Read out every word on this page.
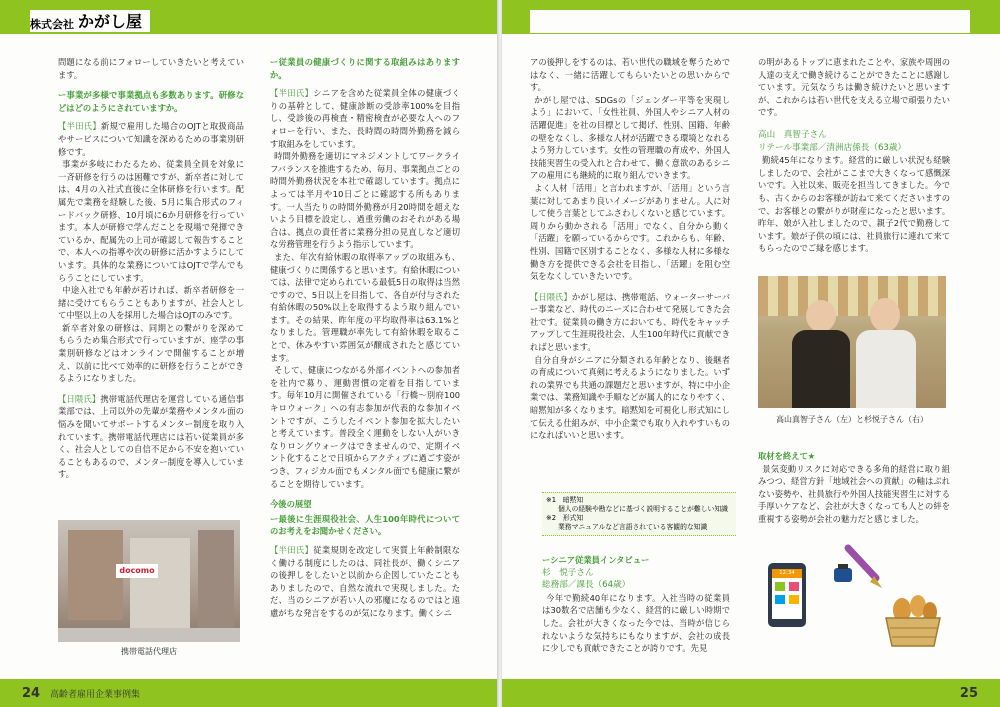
株式会社 かがし屋

問題になる前にフォローしていきたいと考えています。

ー事業が多様で事業拠点も多数あります。研修などはどのようにされていますか。

【半田氏】新規で雇用した場合のOJTと取扱商品やサービスについて知識を深めるための事業別研修です。

事業が多岐にわたるため、従業員全員を対象に一斉研修を行うのは困難ですが、新卒者に対しては、4月の入社式直後に全体研修を行います。配属先で業務を経験した後、5月に集合形式のフィードバック研修、10月頃に6か月研修を行っています。本人が研修で学んだことを現場で発揮できているか、配属先の上司が確認して報告することで、本人への指導や次の研修に活かすようにしています。具体的な業務についてはOJTで学んでもらうことにしています。

中途入社でも年齢が若ければ、新卒者研修を一緒に受けてもらうこともありますが、社会人として中堅以上の人を採用した場合はOJTのみです。

新卒者対象の研修は、同期との繋がりを深めてもらうため集合形式で行っていますが、座学の事業別研修などはオンラインで開催することが増え、以前に比べて効率的に研修を行うことができるようになりました。

【日隈氏】携帯電話代理店を運営している通信事業部では、上司以外の先輩が業務やメンタル面の悩みを聞いてサポートするメンター制度を取り入れています。携帯電話代理店には若い従業員が多く、社会人としての自信不足から不安を抱いていることもあるので、メンター制度を導入しています。

docomo
携帯電話代理店
ー従業員の健康づくりに関する取組みはありますか。

【半田氏】シニアを含めた従業員全体の健康づくりの基幹として、健康診断の受診率100%を目指し、受診後の再検査・精密検査が必要な人へのフォローを行い、また、長時間の時間外勤務を減らす取組みをしています。

時間外勤務を適切にマネジメントしてワークライフバランスを推進するため、毎月、事業拠点ごとの時間外勤務状況を本社で確認しています。拠点によっては半月や10日ごとに確認する所もあります。一人当たりの時間外勤務が月20時間を超えないよう目標を設定し、過重労働のおそれがある場合は、拠点の責任者に業務分担の見直しなど適切な労務管理を行うよう指示しています。

また、年次有給休暇の取得率アップの取組みも、健康づくりに関係すると思います。有給休暇については、法律で定められている最低5日の取得は当然ですので、5日以上を目指して、各自が付与された有給休暇の50%以上を取得するよう取り組んでいます。その結果、昨年度の平均取得率は63.1%となりました。管理職が率先して有給休暇を取ることで、休みやすい雰囲気が醸成されたと感じています。

そして、健康につながる外部イベントへの参加者を社内で募り、運動習慣の定着を目指しています。毎年10月に開催されている「行橋～別府100キロウォーク」への有志参加が代表的な参加イベントですが、こうしたイベント参加を拡大したいと考えています。普段全く運動をしない人がいきなりロングウォークはできませんので、定期イベント化することで日頃からアクティブに過ごす姿がつき、フィジカル面でもメンタル面でも健康に繋がることを期待しています。

今後の展望
ー最後に生涯現役社会、人生100年時代についてのお考えをお聞かせください。

【半田氏】従業規則を改定して実質上年齢制限なく働ける制度にしたのは、同社長が、働くシニアの後押しをしたいと以前から企図していたこともありましたので、自然な流れで実現しました。ただ、当のシニアが若い人の邪魔になるのではと遠慮がちな発言をするのが気になります。働くシニ

24 高齢者雇用企業事例集

アの後押しをするのは、若い世代の職域を奪うためではなく、一緒に活躍してもらいたいとの思いからです。

かがし屋では、SDGsの「ジェンダー平等を実現しよう」において、「女性社員、外国人やシニア人材の活躍促進」を社の目標として掲げ、性別、国籍、年齢の壁をなくし、多様な人材が活躍できる環境となれるよう努力しています。女性の管理職の育成や、外国人技能実習生の受入れと合わせて、働く意欲のあるシニアの雇用にも継続的に取り組んでいきます。

よく人材「活用」と言われますが、「活用」という言葉に対してあまり良いイメージがありません。人に対して使う言葉としてふさわしくないと感じています。周りから動かされる「活用」でなく、自分から動く「活躍」を願っているからです。これからも、年齢、性別、国籍で区別することなく、多様な人材に多様な働き方を提供できる会社を目指し、「活躍」を阻む空気をなくしていきたいです。

【日隈氏】かがし屋は、携帯電話、ウォーターサーバー事業など、時代のニーズに合わせて発展してきた会社です。従業員の働き方においても、時代をキャッチアップして生涯現役社会、人生100年時代に貢献できればと思います。

自分自身がシニアに分類される年齢となり、後継者の育成について真剣に考えるようになりました。いずれの業界でも共通の課題だと思いますが、特に中小企業では、業務知識や手順などが属人的になりやすく、暗黙知が多くなります。暗黙知を可視化し形式知にして伝える仕組みが、中小企業でも取り入れやすいものになればいいと思います。

※1　暗黙知
個人の経験や勘などに基づく説明することが難しい知識
※2　形式知
業務マニュアルなど言語されている客観的な知識
ーシニア従業員インタビュー
杉　悦子さん
総務部／課長（64歳）

今年で勤続40年になります。入社当時の従業員は30数名で店舗も少なく、経営的に厳しい時期でした。会社が大きくなった今では、当時が信じられないような気持ちにもなりますが、会社の成長に少しでも貢献できたことが誇りです。先見

の明があるトップに恵まれたことや、家族や周囲の人達の支えで働き続けることができたことに感謝しています。元気なうちは働き続けたいと思いますが、これからは若い世代を支える立場で頑張りたいです。

高山　真智子さん
リテール事業部／清洲店係長（63歳）

勤続45年になります。経営的に厳しい状況も経験しましたので、会社がここまで大きくなって感慨深いです。入社以来、販売を担当してきました。今でも、古くからのお客様が訪ねて来てくださいますので、お客様との繋がりが財産になったと思います。昨年、娘が入社しましたので、親子2代で勤務しています。娘が子供の頃には、社員旅行に連れて来てもらったのでご縁を感じます。

高山真智子さん（左）と杉悦子さん（右）
取材を終えて★

景気変動リスクに対応できる多角的経営に取り組みつつ、経営方針「地域社会への貢献」の軸はぶれない姿勢や、社員旅行や外国人技能実習生に対する手厚いケアなど、会社が大きくなっても人との絆を重視する姿勢が会社の魅力だと感じました。

12:34
25
